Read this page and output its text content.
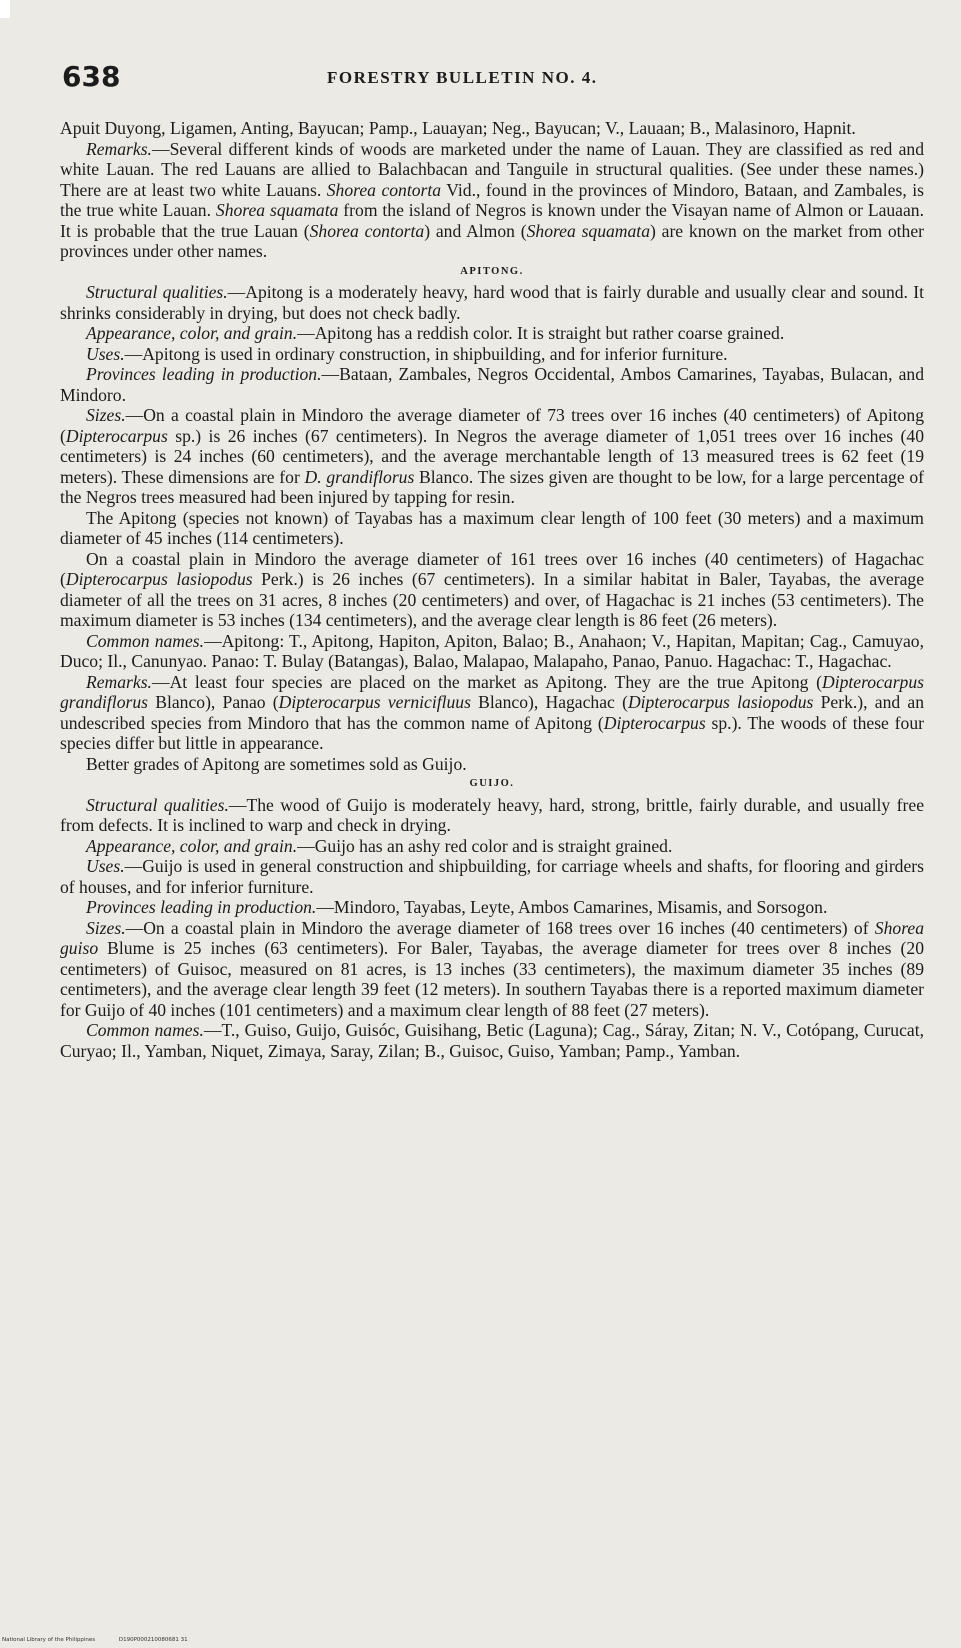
638	FORESTRY BULLETIN NO. 4.

Apuit Duyong, Ligamen, Anting, Bayucan; Pamp., Lauayan; Neg., Bayucan; V., Lauaan; B., Malasinoro, Hapnit.

Remarks.—Several different kinds of woods are marketed under the name of Lauan. They are classified as red and white Lauan. The red Lauans are allied to Balachbacan and Tanguile in structural qualities. (See under these names.) There are at least two white Lauans. Shorea contorta Vid., found in the provinces of Mindoro, Bataan, and Zambales, is the true white Lauan. Shorea squamata from the island of Negros is known under the Visayan name of Almon or Lauaan. It is probable that the true Lauan (Shorea contorta) and Almon (Shorea squamata) are known on the market from other provinces under other names.

APITONG.

Structural qualities.—Apitong is a moderately heavy, hard wood that is fairly durable and usually clear and sound. It shrinks considerably in drying, but does not check badly.

Appearance, color, and grain.—Apitong has a reddish color. It is straight but rather coarse grained.

Uses.—Apitong is used in ordinary construction, in shipbuilding, and for inferior furniture.

Provinces leading in production.—Bataan, Zambales, Negros Occidental, Ambos Camarines, Tayabas, Bulacan, and Mindoro.

Sizes.—On a coastal plain in Mindoro the average diameter of 73 trees over 16 inches (40 centimeters) of Apitong (Dipterocarpus sp.) is 26 inches (67 centimeters). In Negros the average diameter of 1,051 trees over 16 inches (40 centimeters) is 24 inches (60 centimeters), and the average merchantable length of 13 measured trees is 62 feet (19 meters). These dimensions are for D. grandiflorus Blanco. The sizes given are thought to be low, for a large percentage of the Negros trees measured had been injured by tapping for resin.

The Apitong (species not known) of Tayabas has a maximum clear length of 100 feet (30 meters) and a maximum diameter of 45 inches (114 centimeters).

On a coastal plain in Mindoro the average diameter of 161 trees over 16 inches (40 centimeters) of Hagachac (Dipterocarpus lasiopodus Perk.) is 26 inches (67 centimeters). In a similar habitat in Baler, Tayabas, the average diameter of all the trees on 31 acres, 8 inches (20 centimeters) and over, of Hagachac is 21 inches (53 centimeters). The maximum diameter is 53 inches (134 centimeters), and the average clear length is 86 feet (26 meters).

Common names.—Apitong: T., Apitong, Hapiton, Apiton, Balao; B., Anahaon; V., Hapitan, Mapitan; Cag., Camuyao, Duco; Il., Canunyao. Panao: T. Bulay (Batangas), Balao, Malapao, Malapaho, Panao, Panuo. Hagachac: T., Hagachac.

Remarks.—At least four species are placed on the market as Apitong. They are the true Apitong (Dipterocarpus grandiflorus Blanco), Panao (Dipterocarpus vernicifluus Blanco), Hagachac (Dipterocarpus lasiopodus Perk.), and an undescribed species from Mindoro that has the common name of Apitong (Dipterocarpus sp.). The woods of these four species differ but little in appearance.

Better grades of Apitong are sometimes sold as Guijo.

GUIJO.

Structural qualities.—The wood of Guijo is moderately heavy, hard, strong, brittle, fairly durable, and usually free from defects. It is inclined to warp and check in drying.

Appearance, color, and grain.—Guijo has an ashy red color and is straight grained.

Uses.—Guijo is used in general construction and shipbuilding, for carriage wheels and shafts, for flooring and girders of houses, and for inferior furniture.

Provinces leading in production.—Mindoro, Tayabas, Leyte, Ambos Camarines, Misamis, and Sorsogon.

Sizes.—On a coastal plain in Mindoro the average diameter of 168 trees over 16 inches (40 centimeters) of Shorea guiso Blume is 25 inches (63 centimeters). For Baler, Tayabas, the average diameter for trees over 8 inches (20 centimeters) of Guisoc, measured on 81 acres, is 13 inches (33 centimeters), the maximum diameter 35 inches (89 centimeters), and the average clear length 39 feet (12 meters). In southern Tayabas there is a reported maximum diameter for Guijo of 40 inches (101 centimeters) and a maximum clear length of 88 feet (27 meters).

Common names.—T., Guiso, Guijo, Guisóc, Guisihang, Betic (Laguna); Cag., Sáray, Zitan; N. V., Cotópang, Curucat, Curyao; Il., Yamban, Niquet, Zimaya, Saray, Zilan; B., Guisoc, Guiso, Yamban; Pamp., Yamban.

National Library of the Philippines	D190P000210080681 31
